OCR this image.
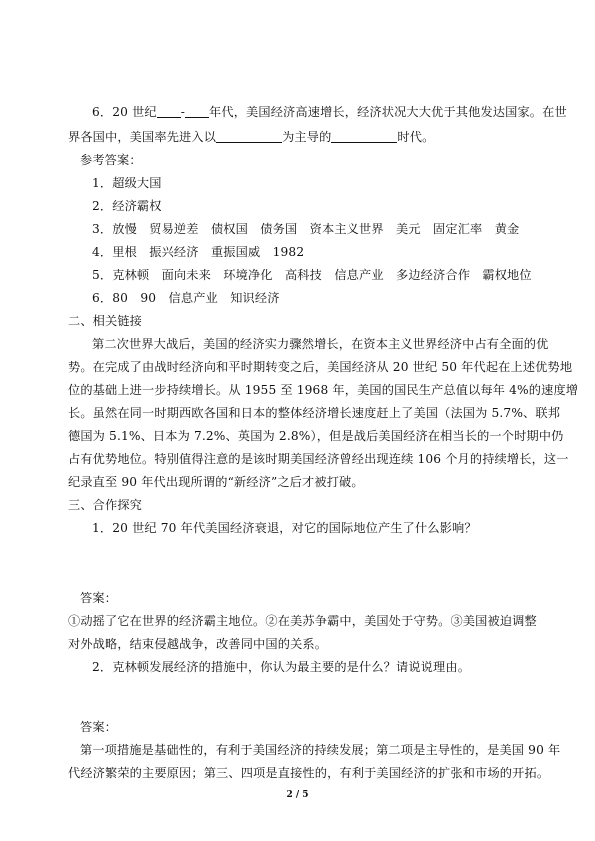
6．20 世纪 - 年代，美国经济高速增长，经济状况大大优于其他发达国家。在世
界各国中，美国率先进入以	为主导的	时代。
参考答案：
1．超级大国
2．经济霸权
3．放慢　贸易逆差　债权国　债务国　资本主义世界　美元　固定汇率　黄金
4．里根　振兴经济　重振国威　1982
5．克林顿　面向未来　环境净化　高科技　信息产业　多边经济合作　霸权地位
6．80　90　信息产业　知识经济
二、相关链接
第二次世界大战后，美国的经济实力骤然增长，在资本主义世界经济中占有全面的优
势。在完成了由战时经济向和平时期转变之后，美国经济从 20 世纪 50 年代起在上述优势地
位的基础上进一步持续增长。从 1955 至 1968 年，美国的国民生产总值以每年 4%的速度增
长。虽然在同一时期西欧各国和日本的整体经济增长速度赶上了美国（法国为 5.7%、联邦
德国为 5.1%、日本为 7.2%、英国为 2.8%），但是战后美国经济在相当长的一个时期中仍
占有优势地位。特别值得注意的是该时期美国经济曾经出现连续 106 个月的持续增长，这一
纪录直至 90 年代出现所谓的“新经济”之后才被打破。
三、合作探究
1．20 世纪 70 年代美国经济衰退，对它的国际地位产生了什么影响？
答案：
①动摇了它在世界的经济霸主地位。②在美苏争霸中，美国处于守势。③美国被迫调整
对外战略，结束侵越战争，改善同中国的关系。
2．克林顿发展经济的措施中，你认为最主要的是什么？请说说理由。
答案：
第一项措施是基础性的，有利于美国经济的持续发展；第二项是主导性的，是美国 90 年
代经济繁荣的主要原因；第三、四项是直接性的，有利于美国经济的扩张和市场的开拓。
2 / 5
